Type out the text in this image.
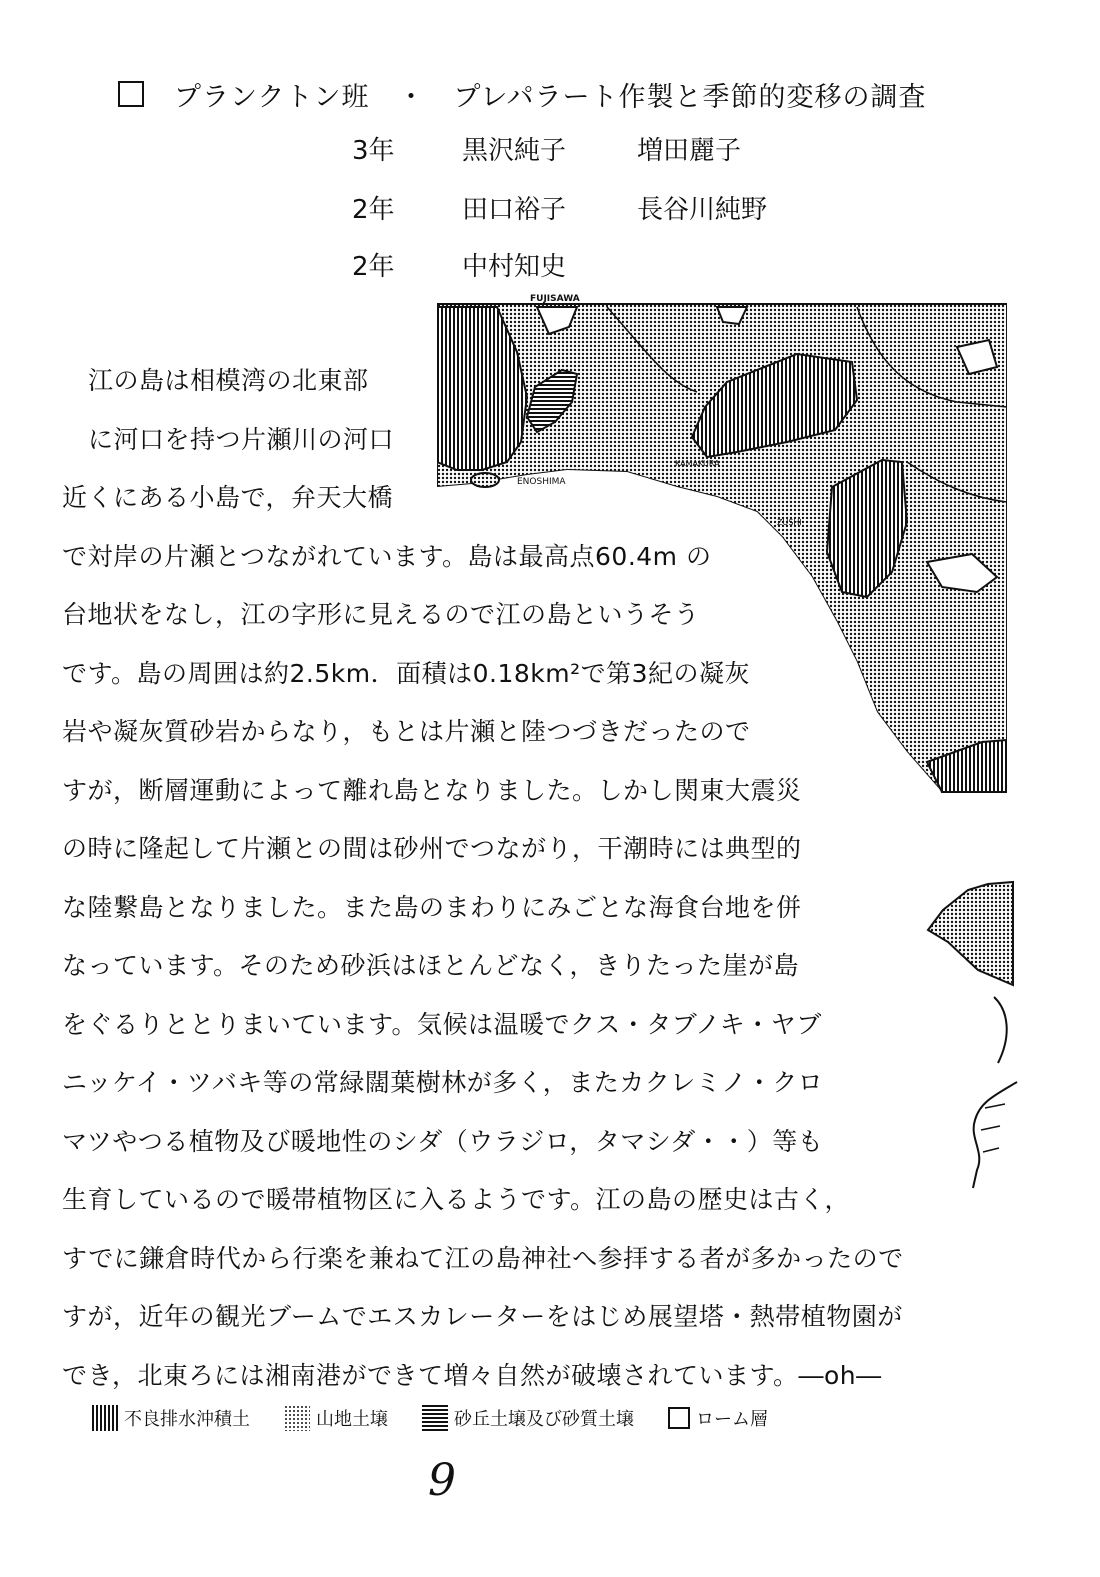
プランクトン班 ・ プレパラート作製と季節的変移の調査
3年	黒沢純子	増田麗子
2年	田口裕子	長谷川純野
2年	中村知史
FUJISAWA
ENOSHIMA
KAMAKURA
ZUSHI
江の島は相模湾の北東部
に河口を持つ片瀬川の河口
近くにある小島で，弁天大橋
で対岸の片瀬とつながれています。島は最高点60.4m の
台地状をなし，江の字形に見えるので江の島というそう
です。島の周囲は約2.5km．面積は0.18km²で第3紀の凝灰
岩や凝灰質砂岩からなり，もとは片瀬と陸つづきだったので
すが，断層運動によって離れ島となりました。しかし関東大震災
の時に隆起して片瀬との間は砂州でつながり，干潮時には典型的
な陸繋島となりました。また島のまわりにみごとな海食台地を併
なっています。そのため砂浜はほとんどなく，きりたった崖が島
をぐるりととりまいています。気候は温暖でクス・タブノキ・ヤブ
ニッケイ・ツバキ等の常緑闊葉樹林が多く，またカクレミノ・クロ
マツやつる植物及び暖地性のシダ（ウラジロ，タマシダ・・）等も
生育しているので暖帯植物区に入るようです。江の島の歴史は古く，
すでに鎌倉時代から行楽を兼ねて江の島神社へ参拝する者が多かったので
すが，近年の観光ブームでエスカレーターをはじめ展望塔・熱帯植物園が
でき，北東ろには湘南港ができて増々自然が破壊されています。―oh―
不良排水沖積土	山地土壌	砂丘土壌及び砂質土壌	ローム層
9
